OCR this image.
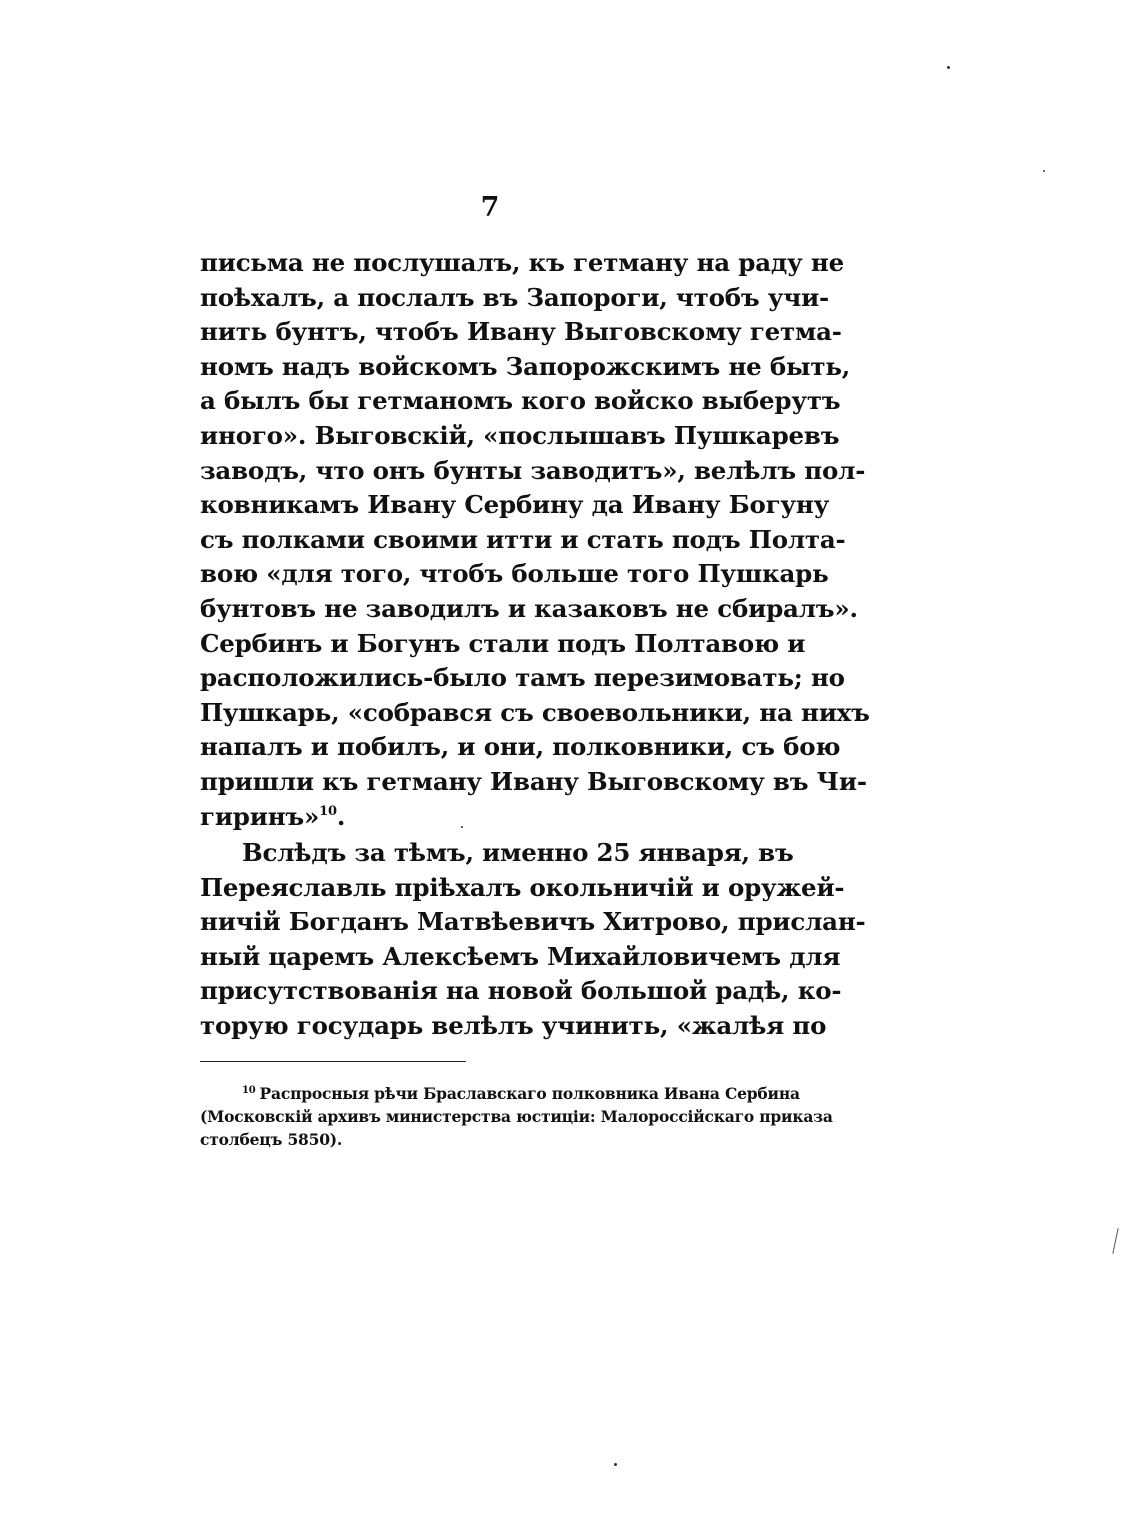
7
письма не послушалъ, къ гетману на раду не
поѣхалъ, а послалъ въ Запороги, чтобъ учи-
нить бунтъ, чтобъ Ивану Выговскому гетма-
номъ надъ войскомъ Запорожскимъ не быть,
а былъ бы гетманомъ кого войско выберутъ
иного». Выговскій, «послышавъ Пушкаревъ
заводъ, что онъ бунты заводитъ», велѣлъ пол-
ковникамъ Ивану Сербину да Ивану Богуну
съ полками своими итти и стать подъ Полта-
вою «для того, чтобъ больше того Пушкарь
бунтовъ не заводилъ и казаковъ не сбиралъ».
Сербинъ и Богунъ стали подъ Полтавою и
расположились-было тамъ перезимовать; но
Пушкарь, «собрався съ своевольники, на нихъ
напалъ и побилъ, и они, полковники, съ бою
пришли къ гетману Ивану Выговскому въ Чи-
гиринъ»$^{10}$.
Вслѣдъ за тѣмъ, именно 25 января, въ
Переяславль пріѣхалъ окольничій и оружей-
ничій Богданъ Матвѣевичъ Хитрово, прислан-
ный царемъ Алексѣемъ Михайловичемъ для
присутствованія на новой большой радѣ, ко-
торую государь велѣлъ учинить, «жалѣя по
$^{10}$ Распросныя рѣчи Браславскаго полковника Ивана Сербина
(Московскій архивъ министерства юстиціи: Малороссійскаго приказа
столбецъ 5850).
